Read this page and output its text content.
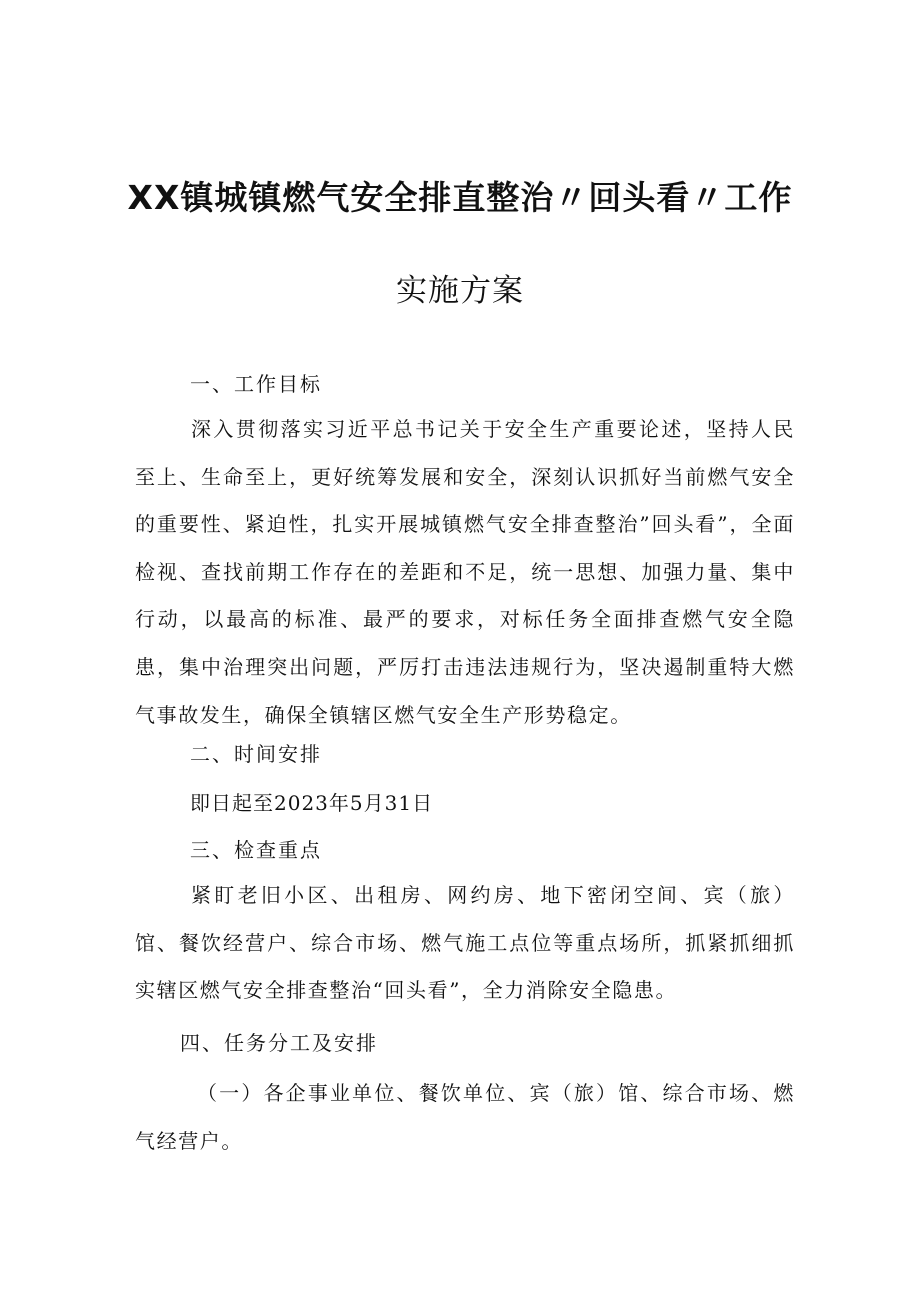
XX镇城镇燃气安全排直整治〃回头看〃工作
实施方案
一、工作目标
深入贯彻落实习近平总书记关于安全生产重要论述，坚持人民至上、生命至上，更好统筹发展和安全，深刻认识抓好当前燃气安全的重要性、紧迫性，扎实开展城镇燃气安全排查整治”回头看”，全面检视、查找前期工作存在的差距和不足，统一思想、加强力量、集中行动，以最高的标准、最严的要求，对标任务全面排查燃气安全隐患，集中治理突出问题，严厉打击违法违规行为，坚决遏制重特大燃气事故发生，确保全镇辖区燃气安全生产形势稳定。
二、时间安排
即日起至2023年5月31日
三、检查重点
紧盯老旧小区、出租房、网约房、地下密闭空间、宾（旅）馆、餐饮经营户、综合市场、燃气施工点位等重点场所，抓紧抓细抓实辖区燃气安全排查整治“回头看”，全力消除安全隐患。
四、任务分工及安排
（一）各企事业单位、餐饮单位、宾（旅）馆、综合市场、燃气经营户。
